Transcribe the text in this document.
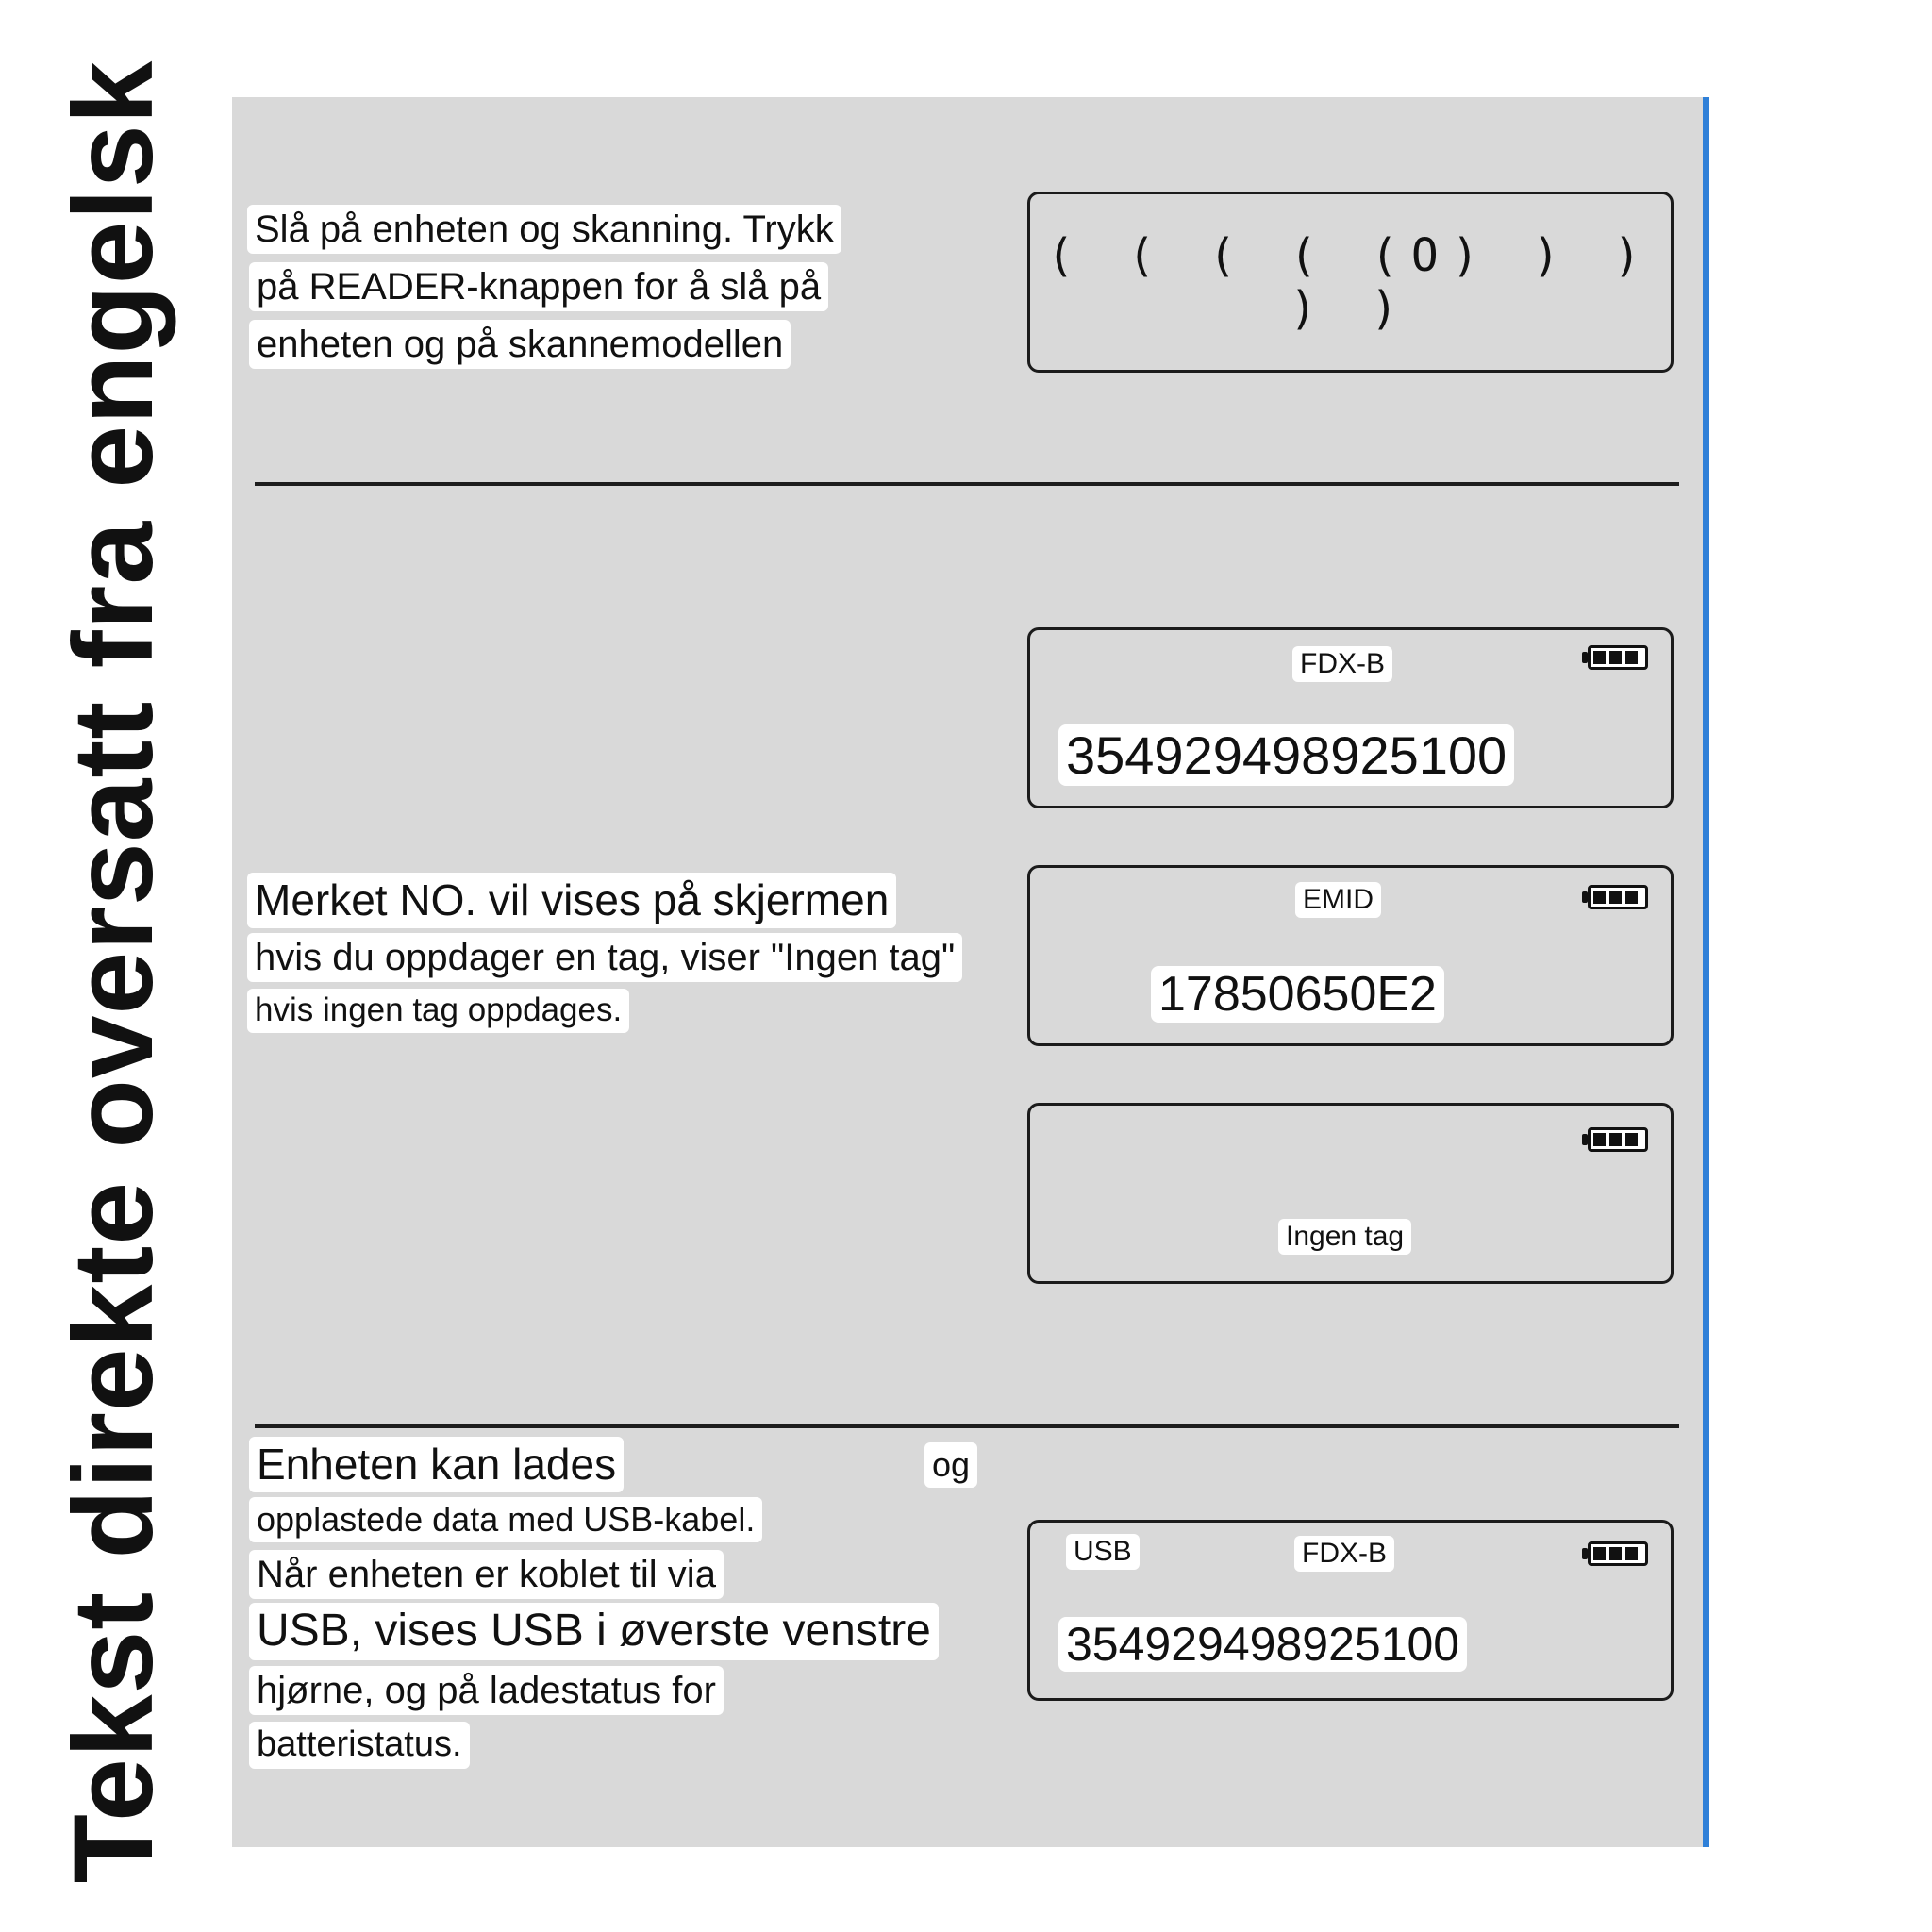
Tekst direkte oversatt fra engelsk Slå på enheten og skanning. Trykk
på READER-knappen for å slå på
enheten og på skannemodellen
( ( ( ( (O) ) ) ) )
FDX-B
354929498925100
Merket NO. vil vises på skjermen
hvis du oppdager en tag, viser "Ingen tag"
hvis ingen tag oppdages.
EMID
17850650E2
Ingen tag
Enheten kan lades	og
opplastede data med USB-kabel.
Når enheten er koblet til via
USB, vises USB i øverste venstre
hjørne, og på ladestatus for
batteristatus.
USB	FDX-B
354929498925100
